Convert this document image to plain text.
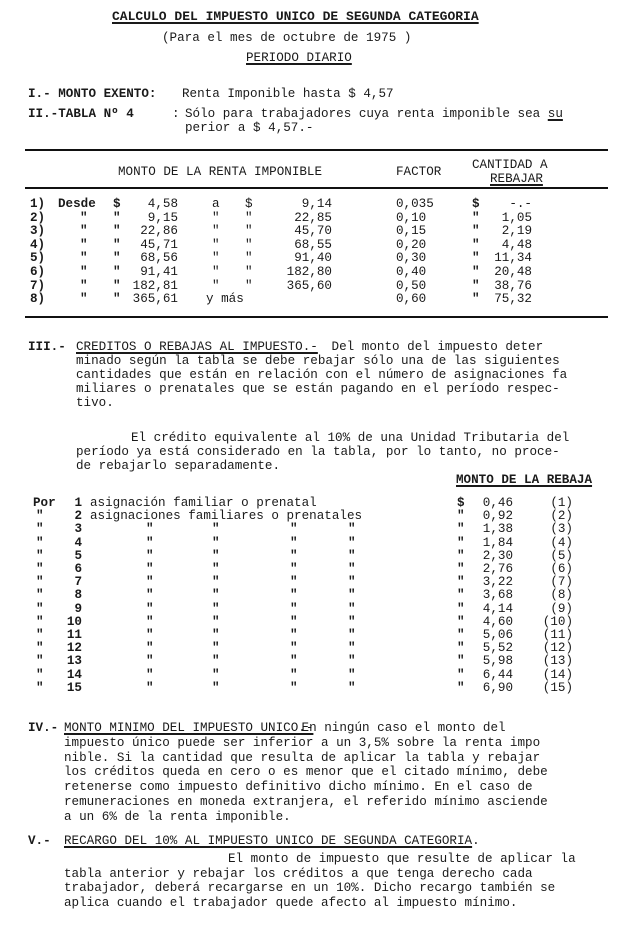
CALCULO DEL IMPUESTO UNICO DE SEGUNDA CATEGORIA
(Para el mes de octubre de 1975 )
PERIODO DIARIO
I.- MONTO EXENTO: Renta Imponible hasta $ 4,57
II.-TABLA Nº 4	: Sólo para trabajadores cuya renta imponible sea su
perior a $ 4,57.-
MONTO DE LA RENTA IMPONIBLE	FACTOR CANTIDAD A
REBAJAR
1) Desde $ 4,58	a $	9,14	0,035	$ -.-
2)	" " 9,15	" "	22,85	0,10	" 1,05
3)	" " 22,86	" "	45,70	0,15	" 2,19
4)	" " 45,71	" "	68,55	0,20	" 4,48
5)	" " 68,56	" "	91,40	0,30	" 11,34
6)	" " 91,41	" "	182,80	0,40	" 20,48
7)	" " 182,81	" "	365,60	0,50	" 38,76
8)	" " 365,61 y más	0,60	" 75,32
III.- CREDITOS O REBAJAS AL IMPUESTO.- Del monto del impuesto deter
minado según la tabla se debe rebajar sólo una de las siguientes
cantidades que están en relación con el número de asignaciones fa
miliares o prenatales que se están pagando en el período respec-
tivo.
El crédito equivalente al 10% de una Unidad Tributaria del
período ya está considerado en la tabla, por lo tanto, no proce-
de rebajarlo separadamente.
MONTO DE LA REBAJA
Por 1 asignación familiar o prenatal	$ 0,46	(1)
" 2 asignaciones familiares o prenatales	" 0,92	(2)
" 3	"	"	"	"	" 1,38	(3)
" 4	"	"	"	"	" 1,84	(4)
" 5	"	"	"	"	" 2,30	(5)
" 6	"	"	"	"	" 2,76	(6)
" 7	"	"	"	"	" 3,22	(7)
" 8	"	"	"	"	" 3,68	(8)
" 9	"	"	"	"	" 4,14	(9)
" 10	"	"	"	"	" 4,60 (10)
" 11	"	"	"	"	" 5,06 (11)
" 12	"	"	"	"	" 5,52 (12)
" 13	"	"	"	"	" 5,98 (13)
" 14	"	"	"	"	" 6,44 (14)
" 15	"	"	"	"	" 6,90 (15)
IV.- MONTO MINIMO DEL IMPUESTO UNICO.-
En ningún caso el monto del
impuesto único puede ser inferior a un 3,5% sobre la renta impo
nible. Si la cantidad que resulta de aplicar la tabla y rebajar
los créditos queda en cero o es menor que el citado mínimo, debe
retenerse como impuesto definitivo dicho mínimo. En el caso de
remuneraciones en moneda extranjera, el referido mínimo asciende
a un 6% de la renta imponible.
V.- RECARGO DEL 10% AL IMPUESTO UNICO DE SEGUNDA CATEGORIA.
El monto de impuesto que resulte de aplicar la
tabla anterior y rebajar los créditos a que tenga derecho cada
trabajador, deberá recargarse en un 10%. Dicho recargo también se
aplica cuando el trabajador quede afecto al impuesto mínimo.
